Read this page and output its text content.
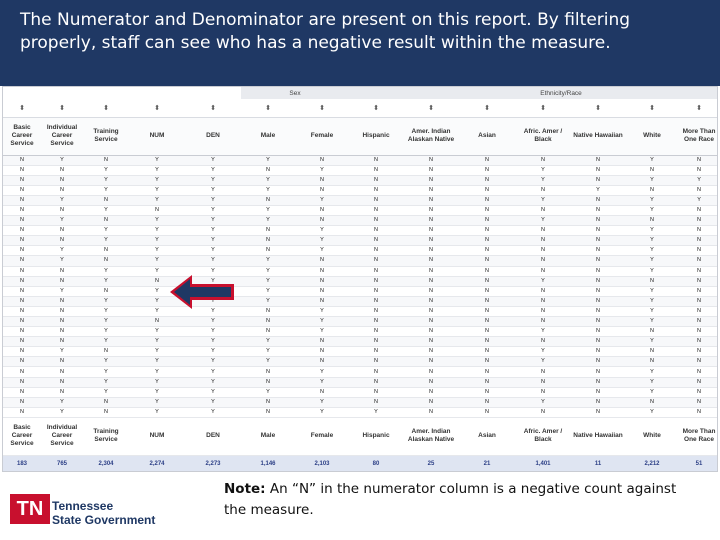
The Numerator and Denominator are present on this report. By filtering properly, staff can see who has a negative result within the measure.
					Sex			Ethnicity/Race					
⬍	⬍	⬍	⬍	⬍	⬍	⬍	⬍	⬍	⬍	⬍	⬍	⬍	⬍
Basic Career Service	Individual Career Service	Training Service	NUM	DEN	Male	Female	Hispanic	Amer. Indian Alaskan Native	Asian	Afric. Amer / Black	Native Hawaiian	White	More Than One Race
N	Y	N	Y	Y	Y	N	N	N	N	N	N	Y	N
N	N	Y	Y	Y	N	Y	N	N	N	Y	N	N	N
N	N	Y	Y	Y	Y	N	N	N	N	Y	N	Y	Y
N	N	Y	Y	Y	Y	N	N	N	N	N	Y	N	N
N	Y	N	Y	Y	N	Y	N	N	N	Y	N	Y	Y
N	N	Y	N	Y	Y	N	N	N	N	N	N	Y	N
N	Y	N	Y	Y	Y	N	N	N	N	Y	N	N	N
N	N	Y	Y	Y	N	Y	N	N	N	N	N	Y	N
N	N	Y	Y	Y	N	Y	N	N	N	N	N	Y	N
N	Y	N	Y	Y	N	Y	N	N	N	N	N	Y	N
N	Y	N	Y	Y	Y	N	N	N	N	N	N	Y	N
N	N	Y	Y	Y	Y	N	N	N	N	N	N	Y	N
N	N	Y	N	Y	Y	N	N	N	N	Y	N	N	N
N	Y	N	Y		Y	N	N	N	N	N	N	Y	N
N	N	Y	Y	Y	Y	N	N	N	N	N	N	Y	N
N	N	Y	Y	Y	N	Y	N	N	N	N	N	Y	N
N	N	Y	N	Y	N	Y	N	N	N	N	N	Y	N
N	N	Y	Y	Y	N	Y	N	N	N	Y	N	N	N
N	N	Y	Y	Y	Y	N	N	N	N	N	N	Y	N
N	Y	N	Y	Y	Y	N	N	N	N	Y	N	N	N
N	N	Y	Y	Y	Y	N	N	N	N	Y	N	N	N
N	N	Y	Y	Y	N	Y	N	N	N	N	N	Y	N
N	N	Y	Y	Y	N	Y	N	N	N	N	N	Y	N
N	N	Y	Y	Y	Y	N	N	N	N	N	N	Y	N
N	Y	N	Y	Y	N	Y	N	N	N	Y	N	N	N
N	Y	N	Y	Y	N	Y	Y	N	N	N	N	Y	N
Basic Career Service	Individual Career Service	Training Service	NUM	DEN	Male	Female	Hispanic	Amer. Indian Alaskan Native	Asian	Afric. Amer / Black	Native Hawaiian	White	More Than One Race
183	765	2,304	2,274	2,273	1,146	2,103	80	25	21	1,401	11	2,212	51
TN Tennessee
State Government
Note: An “N” in the numerator column is a negative count against the measure.
